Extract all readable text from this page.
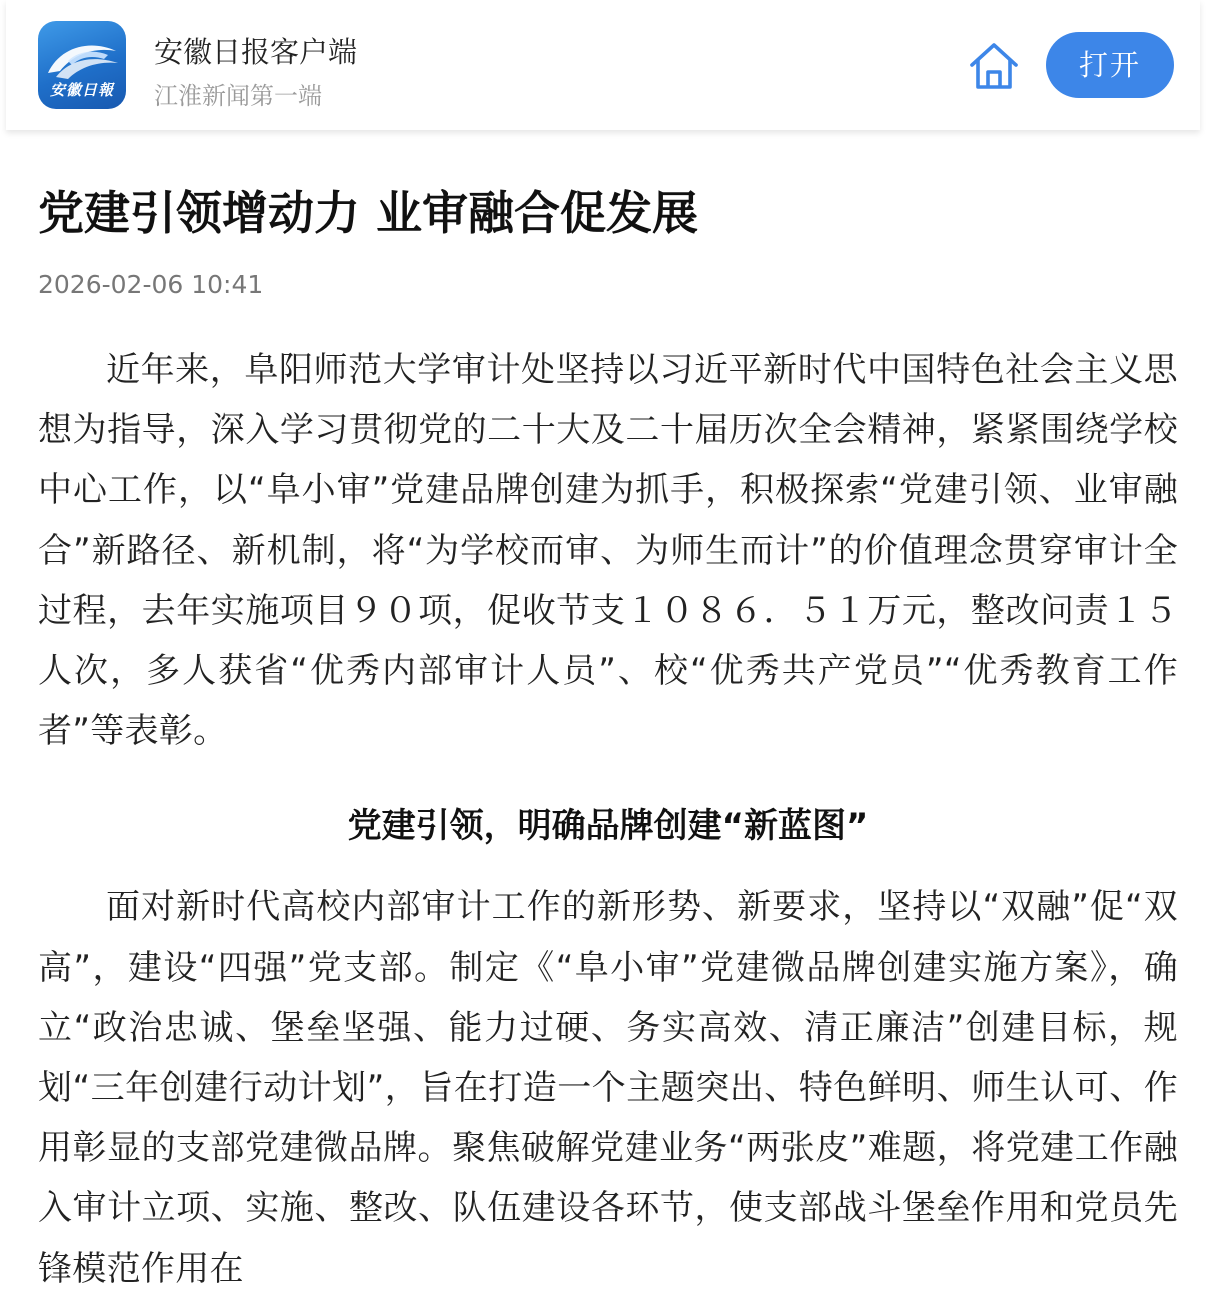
安徽日報
安徽日报客户端
江淮新闻第一端
打开
党建引领增动力 业审融合促发展
2026-02-06 10:41

近年来，阜阳师范大学审计处坚持以习近平新时代中国特色社会主义思想为指导，深入学习贯彻党的二十大及二十届历次全会精神，紧紧围绕学校中心工作，以“阜小审”党建品牌创建为抓手，积极探索“党建引领、业审融合”新路径、新机制，将“为学校而审、为师生而计”的价值理念贯穿审计全过程，去年实施项目９０项，促收节支１０８６．５１万元，整改问责１５人次，多人获省“优秀内部审计人员”、校“优秀共产党员”“优秀教育工作者”等表彰。

党建引领，明确品牌创建“新蓝图”

面对新时代高校内部审计工作的新形势、新要求，坚持以“双融”促“双高”，建设“四强”党支部。制定《“阜小审”党建微品牌创建实施方案》，确立“政治忠诚、堡垒坚强、能力过硬、务实高效、清正廉洁”创建目标，规划“三年创建行动计划”，旨在打造一个主题突出、特色鲜明、师生认可、作用彰显的支部党建微品牌。聚焦破解党建业务“两张皮”难题，将党建工作融入审计立项、实施、整改、队伍建设各环节，使支部战斗堡垒作用和党员先锋模范作用在
